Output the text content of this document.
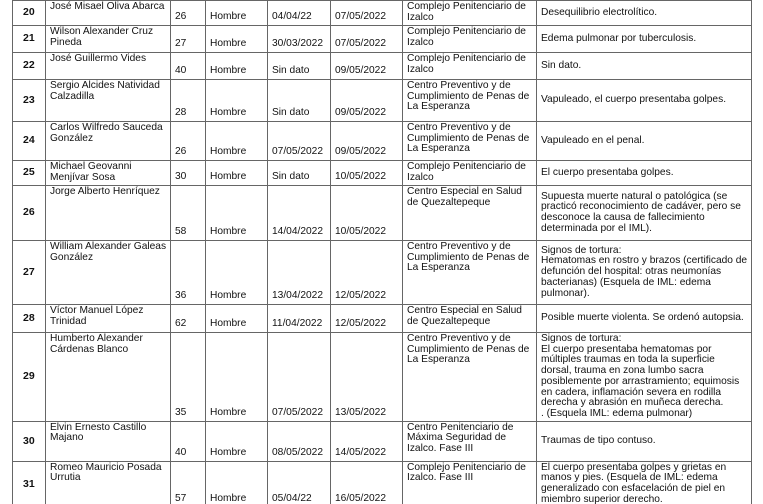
20	José Misael Oliva Abarca	26	Hombre	04/04/22	07/05/2022	Complejo Penitenciario de Izalco	Desequilibrio electrolítico.
21	Wilson Alexander Cruz Pineda	27	Hombre	30/03/2022	07/05/2022	Complejo Penitenciario de Izalco	Edema pulmonar por tuberculosis.
22	José Guillermo Vides	40	Hombre	Sin dato	09/05/2022	Complejo Penitenciario de Izalco	Sin dato.
23	Sergio Alcides Natividad Calzadilla	28	Hombre	Sin dato	09/05/2022	Centro Preventivo y de Cumplimiento de Penas de La Esperanza	Vapuleado, el cuerpo presentaba golpes.
24	Carlos Wilfredo Sauceda González	26	Hombre	07/05/2022	09/05/2022	Centro Preventivo y de Cumplimiento de Penas de La Esperanza	Vapuleado en el penal.
25	Michael Geovanni Menjívar Sosa	30	Hombre	Sin dato	10/05/2022	Complejo Penitenciario de Izalco	El cuerpo presentaba golpes.
26	Jorge Alberto Henríquez	58	Hombre	14/04/2022	10/05/2022	Centro Especial en Salud de Quezaltepeque	Supuesta muerte natural o patológica (se practicó reconocimiento de cadáver, pero se desconoce la causa de fallecimiento determinada por el IML).
27	William Alexander Galeas González	36	Hombre	13/04/2022	12/05/2022	Centro Preventivo y de Cumplimiento de Penas de La Esperanza	Signos de tortura:
Hematomas en rostro y brazos (certificado de defunción del hospital: otras neumonías bacterianas) (Esquela de IML: edema pulmonar).
28	Víctor Manuel López Trinidad	62	Hombre	11/04/2022	12/05/2022	Centro Especial en Salud de Quezaltepeque	Posible muerte violenta. Se ordenó autopsia.
29	Humberto Alexander Cárdenas Blanco	35	Hombre	07/05/2022	13/05/2022	Centro Preventivo y de Cumplimiento de Penas de La Esperanza	Signos de tortura:
El cuerpo presentaba hematomas por múltiples traumas en toda la superficie dorsal, trauma en zona lumbo sacra posiblemente por arrastramiento; equimosis en cadera, inflamación severa en rodilla derecha y abrasión en muñeca derecha.
. (Esquela IML: edema pulmonar)
30	Elvin Ernesto Castillo Majano	40	Hombre	08/05/2022	14/05/2022	Centro Penitenciario de Máxima Seguridad de Izalco. Fase III	Traumas de tipo contuso.
31	Romeo Mauricio Posada Urrutia	57	Hombre	05/04/22	16/05/2022	Complejo Penitenciario de Izalco. Fase III	El cuerpo presentaba golpes y grietas en manos y pies. (Esquela de IML: edema generalizado con esfacelación de piel en miembro superior derecho.
